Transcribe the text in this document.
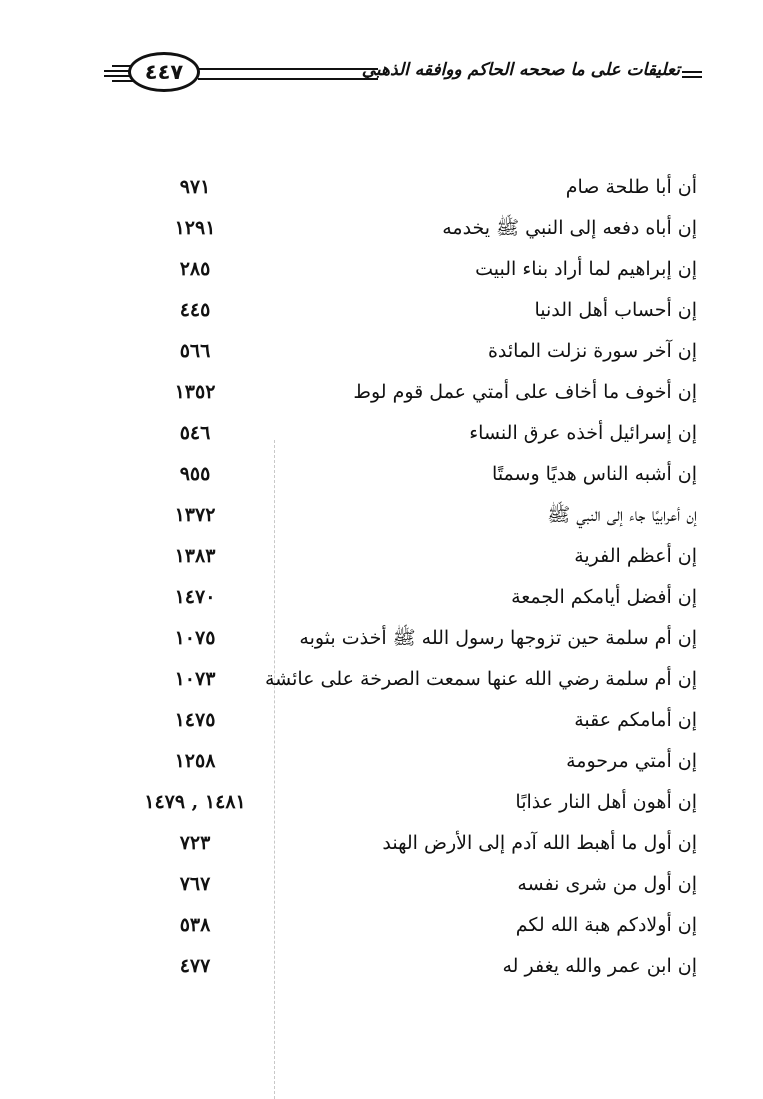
٤٤٧	تعليقات على ما صححه الحاكم ووافقه الذهبي
أن أبا طلحة صام
٩٧١
إن أباه دفعه إلى النبي ﷺ يخدمه
١٢٩١
إن إبراهيم لما أراد بناء البيت
٢٨٥
إن أحساب أهل الدنيا
٤٤٥
إن آخر سورة نزلت المائدة
٥٦٦
إن أخوف ما أخاف على أمتي عمل قوم لوط
١٣٥٢
إن إسرائيل أخذه عرق النساء
٥٤٦
إن أشبه الناس هديًا وسمتًا
٩٥٥
إن أعرابيًا جاء إلى النبي ﷺ
١٣٧٢
إن أعظم الفرية
١٣٨٣
إن أفضل أيامكم الجمعة
١٤٧٠
إن أم سلمة حين تزوجها رسول الله ﷺ أخذت بثوبه
١٠٧٥
إن أم سلمة رضي الله عنها سمعت الصرخة على عائشة
١٠٧٣
إن أمامكم عقبة
١٤٧٥
إن أمتي مرحومة
١٢٥٨
إن أهون أهل النار عذابًا
١٤٨١ , ١٤٧٩
إن أول ما أهبط الله آدم إلى الأرض الهند
٧٢٣
إن أول من شرى نفسه
٧٦٧
إن أولادكم هبة الله لكم
٥٣٨
إن ابن عمر والله يغفر له
٤٧٧
